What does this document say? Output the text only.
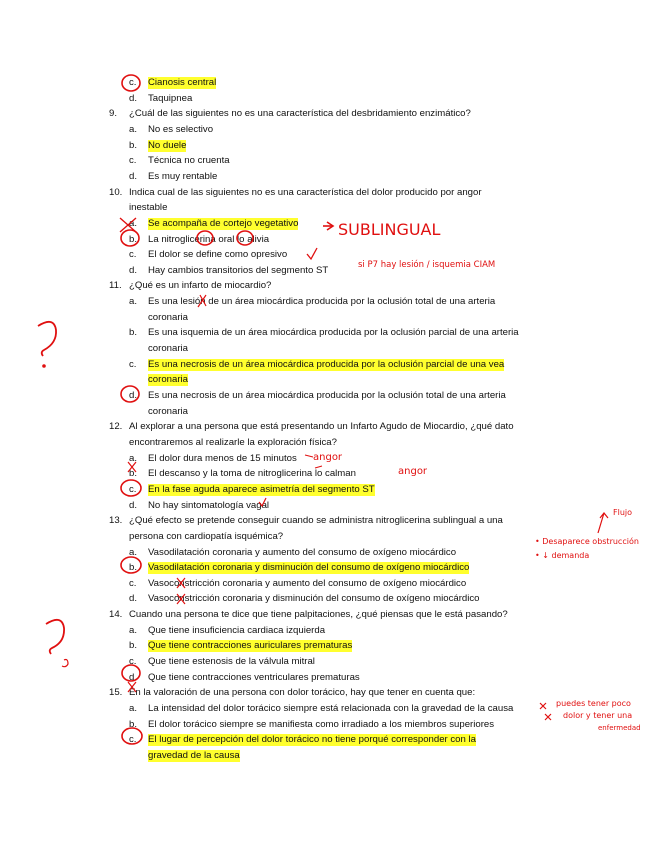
c.	Cianosis central
d.	Taquipnea
9.	¿Cuál de las siguientes no es una característica del desbridamiento enzimático?
a.	No es selectivo
b.	No duele
c.	Técnica no cruenta
d.	Es muy rentable
10. Indica cual de las siguientes no es una característica del dolor producido por angor
inestable
a.	Se acompaña de cortejo vegetativo
b.	La nitroglicerina oral lo alivia
c.	El dolor se define como opresivo
d.	Hay cambios transitorios del segmento ST
11. ¿Qué es un infarto de miocardio?
a.	Es una lesión de un área miocárdica producida por la oclusión total de una arteria
coronaria
b.	Es una isquemia de un área miocárdica producida por la oclusión parcial de una arteria
coronaria
c.	Es una necrosis de un área miocárdica producida por la oclusión parcial de una vea
coronaria
d.	Es una necrosis de un área miocárdica producida por la oclusión total de una arteria
coronaria
12. Al explorar a una persona que está presentando un Infarto Agudo de Miocardio, ¿qué dato
encontraremos al realizarle la exploración física?
a.	El dolor dura menos de 15 minutos
b.	El descanso y la toma de nitroglicerina lo calman
c.	En la fase aguda aparece asimetría del segmento ST
d.	No hay sintomatología vagal
13. ¿Qué efecto se pretende conseguir cuando se administra nitroglicerina sublingual a una
persona con cardiopatía isquémica?
a.	Vasodilatación coronaria y aumento del consumo de oxígeno miocárdico
b.	Vasodilatación coronaria y disminución del consumo de oxígeno miocárdico
c.	Vasoconstricción coronaria y aumento del consumo de oxígeno miocárdico
d.	Vasoconstricción coronaria y disminución del consumo de oxígeno miocárdico
14. Cuando una persona te dice que tiene palpitaciones, ¿qué piensas que le está pasando?
a.	Que tiene insuficiencia cardiaca izquierda
b.	Que tiene contracciones auriculares prematuras
c.	Que tiene estenosis de la válvula mitral
d.	Que tiene contracciones ventriculares prematuras
15. En la valoración de una persona con dolor torácico, hay que tener en cuenta que:
a.	La intensidad del dolor torácico siempre está relacionada con la gravedad de la causa
b.	El dolor torácico siempre se manifiesta como irradiado a los miembros superiores
c.	El lugar de percepción del dolor torácico no tiene porqué corresponder con la
gravedad de la causa
SUBLINGUAL
si P7 hay lesión / isquemia CIAM
angor
angor
Flujo
• Desaparece obstrucción
• ↓ demanda
puedes tener poco
dolor y tener una
enfermedad
